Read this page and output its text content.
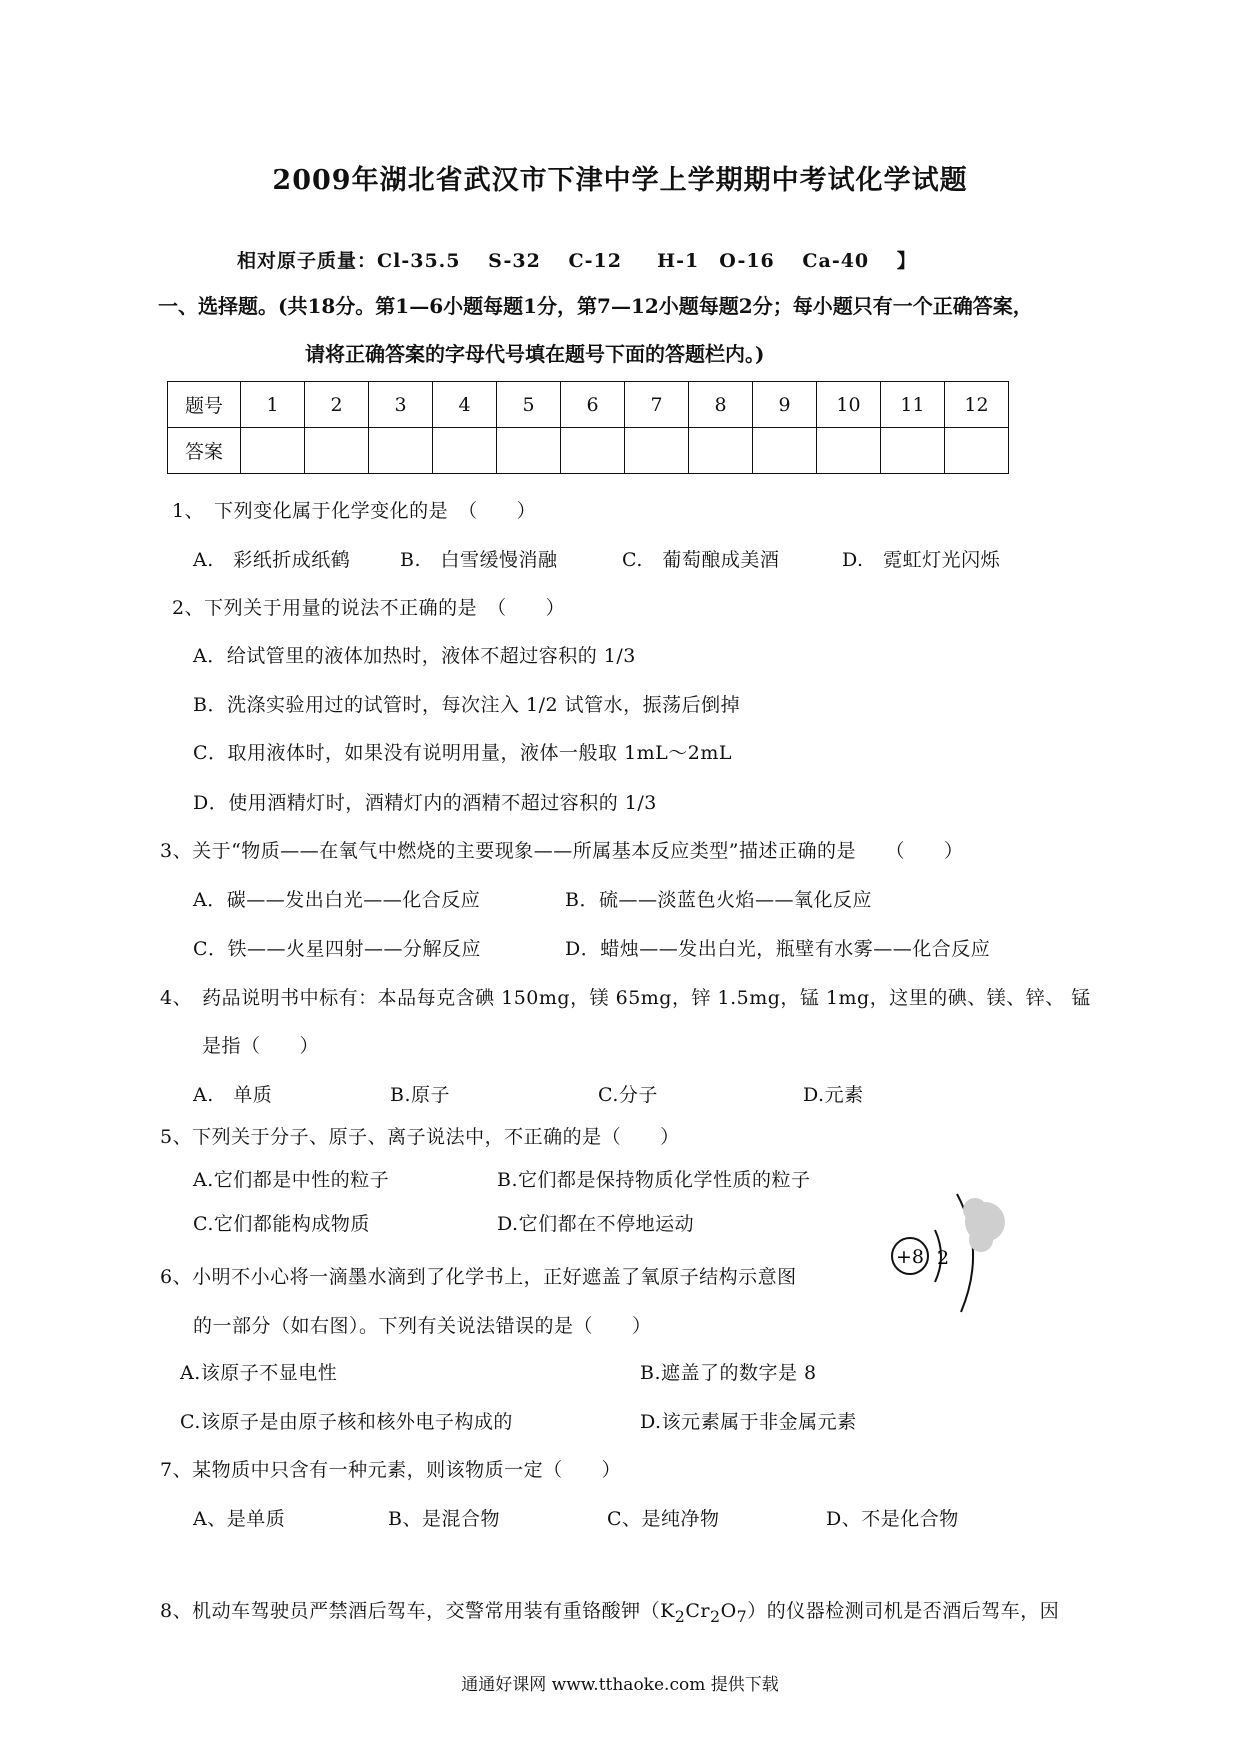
2009年湖北省武汉市下津中学上学期期中考试化学试题
相对原子质量：Cl-35.5　 S-32 　C-12 　 H-1　O-16　 Ca-40　 】
一、选择题。(共18分。第1—6小题每题1分，第7—12小题每题2分；每小题只有一个正确答案，
请将正确答案的字母代号填在题号下面的答题栏内。)
题号	1	2	3	4	5	6	7	8	9	10	11	12
答案												
1、　下列变化属于化学变化的是　（　　）
A.　彩纸折成纸鹤	B.　白雪缓慢消融	C.　葡萄酿成美酒	D.　霓虹灯光闪烁
2、下列关于用量的说法不正确的是　（　　）
A．给试管里的液体加热时，液体不超过容积的 1/3
B．洗涤实验用过的试管时，每次注入 1/2 试管水，振荡后倒掉
C．取用液体时，如果没有说明用量，液体一般取 1mL～2mL
D．使用酒精灯时，酒精灯内的酒精不超过容积的 1/3
3、关于“物质——在氧气中燃烧的主要现象——所属基本反应类型”描述正确的是　　（　　）
A．碳——发出白光——化合反应	B．硫——淡蓝色火焰——氧化反应
C．铁——火星四射——分解反应	D．蜡烛——发出白光，瓶壁有水雾——化合反应
4、　药品说明书中标有：本品每克含碘 150mg，镁 65mg，锌 1.5mg，锰 1mg，这里的碘、镁、锌、 锰
是指（　　）
A.　单质	B.原子	C.分子	D.元素
5、下列关于分子、原子、离子说法中，不正确的是（　　）
A.它们都是中性的粒子	B.它们都是保持物质化学性质的粒子
C.它们都能构成物质	D.它们都在不停地运动
6、小明不小心将一滴墨水滴到了化学书上，正好遮盖了氧原子结构示意图
的一部分（如右图）。下列有关说法错误的是（　　）
A.该原子不显电性	B.遮盖了的数字是 8
C.该原子是由原子核和核外电子构成的	D.该元素属于非金属元素
+8 2
7、某物质中只含有一种元素，则该物质一定（　　）
A、是单质	B、是混合物	C、是纯净物	D、不是化合物
8、机动车驾驶员严禁酒后驾车，交警常用装有重铬酸钾$(K_2Cr_2O_7)$的仪器检测司机是否酒后驾车，因
通通好课网 www.tthaoke.com 提供下载
